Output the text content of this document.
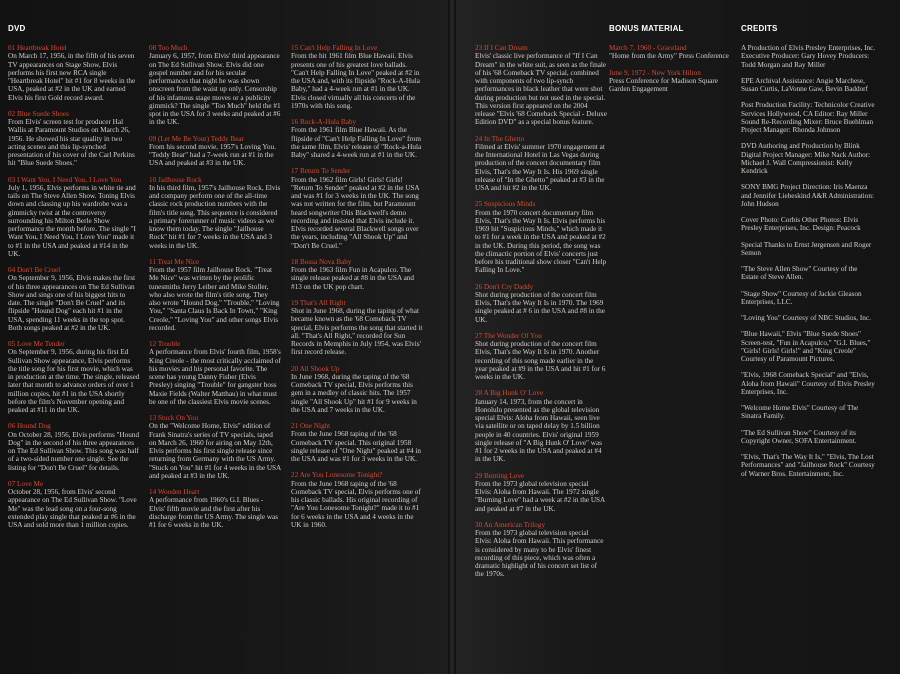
DVD	BONUS MATERIAL	CREDITS
01 Heartbreak Hotel
On March 17, 1956, in the fifth of his seven TV appearances on Stage Show, Elvis performs his first new RCA single "Heartbreak Hotel" hit #1 for 8 weeks in the USA, peaked at #2 in the UK and earned Elvis his first Gold record award.
02 Blue Suede Shoes
From Elvis' screen test for producer Hal Wallis at Paramount Studios on March 26, 1956. He showed his star quality in two acting scenes and this lip-synched presentation of his cover of the Carl Perkins hit "Blue Suede Shoes."
03 I Want You, I Need You, I Love You
July 1, 1956, Elvis performs in white tie and tails on The Steve Allen Show. Toning Elvis down and classing up his wardrobe was a gimmicky twist at the controversy surrounding his Milton Berle Show performance the month before. The single "I Want You, I Need You, I Love You" made it to #1 in the USA and peaked at #14 in the UK.
04 Don't Be Cruel
On September 9, 1956, Elvis makes the first of his three appearances on The Ed Sullivan Show and sings one of his biggest hits to date. The single "Don't Be Cruel" and its flipside "Hound Dog" each hit #1 in the USA, spending 11 weeks in the top spot. Both songs peaked at #2 in the UK.
05 Love Me Tender
On September 9, 1956, during his first Ed Sullivan Show appearance, Elvis performs the title song for his first movie, which was in production at the time. The single, released later that month to advance orders of over 1 million copies, hit #1 in the USA shortly before the film's November opening and peaked at #11 in the UK.
06 Hound Dog
On October 28, 1956, Elvis performs "Hound Dog" in the second of his three appearances on The Ed Sullivan Show. This song was half of a two-sided number one single. See the listing for "Don't Be Cruel" for details.
07 Love Me
October 28, 1956, from Elvis' second appearance on The Ed Sullivan Show. "Love Me" was the lead song on a four-song extended play single that peaked at #6 in the USA and sold more than 1 million copies.
08 Too Much
January 6, 1957, from Elvis' third appearance on The Ed Sullivan Show. Elvis did one gospel number and for his secular performances that night he was shown onscreen from the waist up only. Censorship of his infamous stage moves or a publicity gimmick? The single "Too Much" held the #1 spot in the USA for 3 weeks and peaked at #6 in the UK.
09 (Let Me Be Your) Teddy Bear
From his second movie, 1957's Loving You. "Teddy Bear" had a 7-week run at #1 in the USA and peaked at #3 in the UK.
10 Jailhouse Rock
In his third film, 1957's Jailhouse Rock, Elvis and company perform one of the all-time classic rock production numbers with the film's title song. This sequence is considered a primary forerunner of music videos as we know them today. The single "Jailhouse Rock" hit #1 for 7 weeks in the USA and 3 weeks in the UK.
11 Treat Me Nice
From the 1957 film Jailhouse Rock. "Treat Me Nice" was written by the prolific tunesmiths Jerry Leiber and Mike Stoller, who also wrote the film's title song. They also wrote "Hound Dog," "Trouble," "Loving You," "Santa Claus Is Back In Town," "King Creole," "Loving You" and other songs Elvis recorded.
12 Trouble
A performance from Elvis' fourth film, 1958's King Creole - the most critically acclaimed of his movies and his personal favorite. The scene has young Danny Fisher (Elvis Presley) singing "Trouble" for gangster boss Maxie Fields (Walter Matthau) in what must be one of the classiest Elvis movie scenes.
13 Stuck On You
On the "Welcome Home, Elvis" edition of Frank Sinatra's series of TV specials, taped on March 26, 1960 for airing on May 12th, Elvis performs his first single release since returning from Germany with the US Army. "Stuck on You" hit #1 for 4 weeks in the USA and peaked at #3 in the UK.
14 Wooden Heart
A performance from 1960's G.I. Blues - Elvis' fifth movie and the first after his discharge from the US Army. The single was #1 for 6 weeks in the UK.
15 Can't Help Falling In Love
From the hit 1961 film Blue Hawaii. Elvis presents one of his greatest love ballads. "Can't Help Falling In Love" peaked at #2 in the USA and, with its flipside "Rock-A-Hula Baby," had a 4-week run at #1 in the UK. Elvis closed virtually all his concerts of the 1970s with this song.
16 Rock-A-Hula Baby
From the 1961 film Blue Hawaii. As the flipside of "Can't Help Falling In Love" from the same film, Elvis' release of "Rock-a-Hula Baby" shared a 4-week run at #1 in the UK.
17 Return To Sender
From the 1962 film Girls! Girls! Girls! "Return To Sender" peaked at #2 in the USA and was #1 for 3 weeks in the UK. The song was not written for the film, but Paramount heard songwriter Otis Blackwell's demo recording and insisted that Elvis include it. Elvis recorded several Blackwell songs over the years, including "All Shook Up" and "Don't Be Cruel."
18 Bossa Nova Baby
From the 1963 film Fun in Acapulco. The single release peaked at #8 in the USA and #13 on the UK pop chart.
19 That's All Right
Shot in June 1968, during the taping of what became known as the '68 Comeback TV special, Elvis performs the song that started it all. "That's All Right," recorded for Sun Records in Memphis in July 1954, was Elvis' first record release.
20 All Shook Up
In June 1968, during the taping of the '68 Comeback TV special, Elvis performs this gem in a medley of classic hits. The 1957 single "All Shook Up" hit #1 for 9 weeks in the USA and 7 weeks in the UK.
21 One Night
From the June 1968 taping of the '68 Comeback TV special. This original 1958 single release of "One Night" peaked at #4 in the USA and was #1 for 3 weeks in the UK.
22 Are You Lonesome Tonight?
From the June 1968 taping of the '68 Comeback TV special, Elvis performs one of his classic ballads. His original recording of "Are You Lonesome Tonight?" made it to #1 for 6 weeks in the USA and 4 weeks in the UK in 1960.
23 If I Can Dream
Elvis' classic live performance of "If I Can Dream" in the white suit, as seen as the finale of his '68 Comeback TV special, combined with components of two lip-synch performances in black leather that were shot during production but not used in the special. This version first appeared on the 2004 release "Elvis '68 Comeback Special - Deluxe Edition DVD" as a special bonus feature.
24 In The Ghetto
Filmed at Elvis' summer 1970 engagement at the International Hotel in Las Vegas during production of the concert documentary film Elvis, That's the Way It Is. His 1969 single release of "In the Ghetto" peaked at #3 in the USA and hit #2 in the UK.
25 Suspicious Minds
From the 1970 concert documentary film Elvis, That's the Way It Is. Elvis performs his 1969 hit "Suspicious Minds," which made it to #1 for a week in the USA and peaked at #2 in the UK. During this period, the song was the climactic portion of Elvis' concerts just before his traditional show closer "Can't Help Falling In Love."
26 Don't Cry Daddy
Shot during production of the concert film Elvis, That's the Way It Is in 1970. The 1969 single peaked at # 6 in the USA and #8 in the UK.
27 The Wonder Of You
Shot during production of the concert film Elvis, That's the Way It Is in 1970. Another recording of this song made earlier in the year peaked at #9 in the USA and hit #1 for 6 weeks in the UK.
28 A Big Hunk O' Love
January 14, 1973, from the concert in Honolulu presented as the global television special Elvis: Aloha from Hawaii, seen live via satellite or on taped delay by 1.5 billion people in 40 countries. Elvis' original 1959 single release of "A Big Hunk O' Love" was #1 for 2 weeks in the USA and peaked at #4 in the UK.
29 Burning Love
From the 1973 global television special Elvis: Aloha from Hawaii. The 1972 single "Burning Love" had a week at #2 in the USA and peaked at #7 in the UK.
30 An American Trilogy
From the 1973 global television special Elvis: Aloha from Hawaii. This performance is considered by many to be Elvis' finest recording of this piece, which was often a dramatic highlight of his concert set list of the 1970s.
March 7, 1960 - Graceland
"Home from the Army" Press Conference
June 9, 1972 - New York Hilton
Press Conference for Madison Square Garden Engagement

A Production of Elvis Presley Enterprises, Inc. Executive Producer: Gary Hovey Producers: Todd Morgan and Ray Miller

EPE Archival Assistance: Angie Marchese, Susan Curtis, LaVonne Gaw, Bevin Baddorf

Post Production Facility: Technicolor Creative Services Hollywood, CA Editor: Ray Miller Sound Re-Recording Mixer: Bruce Buehlman Project Manager: Rhonda Johnson

DVD Authoring and Production by Blink Digital Project Manager: Mike Nack Author: Michael J. Wall Compressionist: Kelly Kendrick

SONY BMG Project Direction: Iris Maenza and Jennifer Liebeskind A&R Administration: John Hudson

Cover Photo: Corbis Other Photos: Elvis Presley Enterprises, Inc. Design: Peacock

Special Thanks to Ernst Jørgensen and Roger Semon

"The Steve Allen Show" Courtesy of the Estate of Steve Allen.

"Stage Show" Courtesy of Jackie Gleason Enterprises, LLC.

"Loving You" Courtesy of NBC Studios, Inc.

"Blue Hawaii," Elvis "Blue Suede Shoes" Screen-test, "Fun in Acapulco," "G.I. Blues," "Girls! Girls! Girls!" and "King Creole" Courtesy of Paramount Pictures.

"Elvis, 1968 Comeback Special" and "Elvis, Aloha from Hawaii" Courtesy of Elvis Presley Enterprises, Inc.

"Welcome Home Elvis" Courtesy of The Sinatra Family.

"The Ed Sullivan Show" Courtesy of its Copyright Owner, SOFA Entertainment.

"Elvis, That's The Way It Is," "Elvis, The Lost Performances" and "Jailhouse Rock" Courtesy of Warner Bros. Entertainment, Inc.
